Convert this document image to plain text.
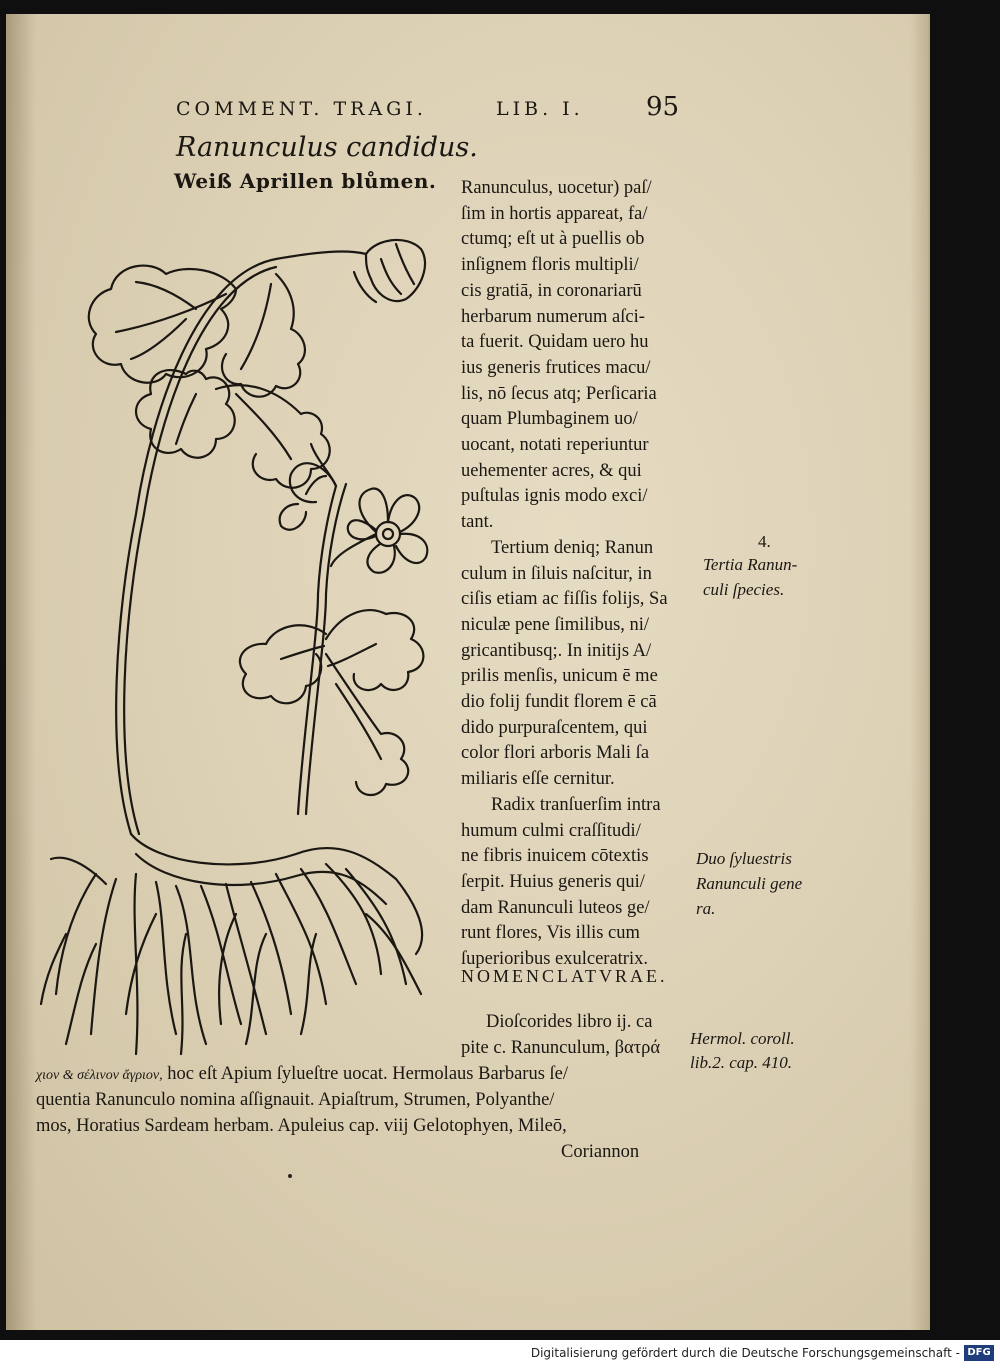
COMMENT. TRAGI.	LIB. I. 95
Ranunculus candidus.
Weiß Aprillen blůmen. Ranunculus, uocetur) paſ/
ſim in hortis appareat, fa/
ctumq; eſt ut à puellis ob
inſignem floris multipli/
cis gratiā, in coronariarū
herbarum numerum aſci-
ta fuerit. Quidam uero hu
ius generis frutices macu/
lis, nō ſecus atq; Perſicaria
quam Plumbaginem uo/
uocant, notati reperiuntur
uehementer acres, & qui
puſtulas ignis modo exci/
tant.
Tertium deniq; Ranun
culum in ſiluis naſcitur, in
ciſis etiam ac fiſſis folijs, Sa
niculæ pene ſimilibus, ni/
gricantibusq;. In initijs A/
prilis menſis, unicum ē me
dio folij fundit florem ē cā
dido purpuraſcentem, qui
color flori arboris Mali ſa
miliaris eſſe cernitur.
Radix tranſuerſim intra
humum culmi craſſitudi/
ne fibris inuicem cōtextis
ſerpit. Huius generis qui/
dam Ranunculi luteos ge/
runt flores, Vis illis cum
ſuperioribus exulceratrix.
4.
Tertia Ranun-
culi ſpecies.
Duo ſyluestris
Ranunculi gene
ra.
NOMENCLATVRAE.
Dioſcorides libro ij. ca
pite c. Ranunculum, βατρά Hermol. coroll.
lib.2. cap. 410.
χιον & σέλινον ἄγριον, hoc eſt Apium ſylueſtre uocat. Hermolaus Barbarus ſe/
quentia Ranunculo nomina aſſignauit. Apiaſtrum, Strumen, Polyanthe/
mos, Horatius Sardeam herbam. Apuleius cap. viij Gelotophyen, Mileō,
Coriannon
Digitalisierung gefördert durch die Deutsche Forschungsgemeinschaft - DFG
